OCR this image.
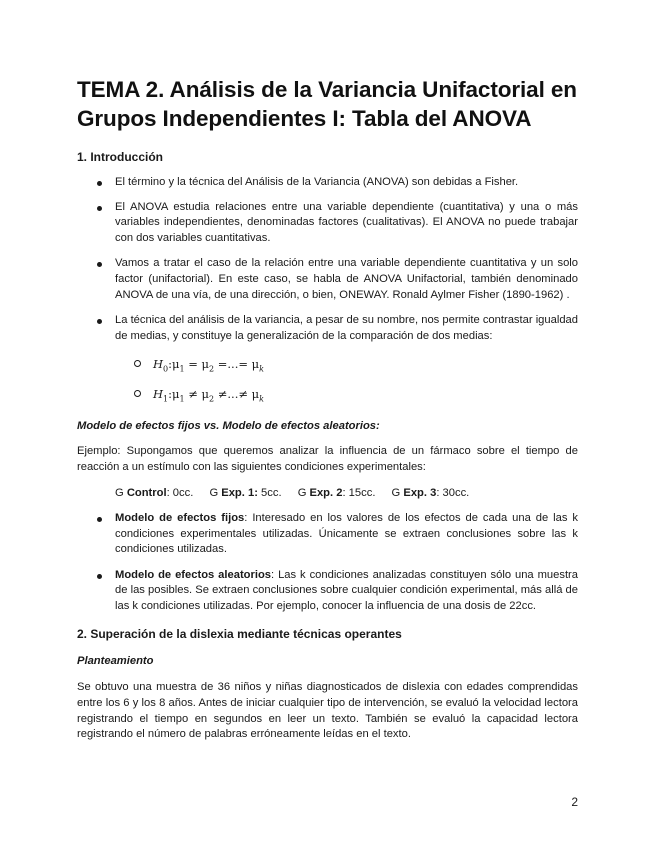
TEMA 2. Análisis de la Variancia Unifactorial en Grupos Independientes I: Tabla del ANOVA
1. Introducción
El término y la técnica del Análisis de la Variancia (ANOVA) son debidas a Fisher.
El ANOVA estudia relaciones entre una variable dependiente (cuantitativa) y una o más variables independientes, denominadas factores (cualitativas). El ANOVA no puede trabajar con dos variables cuantitativas.
Vamos a tratar el caso de la relación entre una variable dependiente cuantitativa y un solo factor (unifactorial). En este caso, se habla de ANOVA Unifactorial, también denominado ANOVA de una vía, de una dirección, o bien, ONEWAY. Ronald Aylmer Fisher (1890-1962) .
La técnica del análisis de la variancia, a pesar de su nombre, nos permite contrastar igualdad de medias, y constituye la generalización de la comparación de dos medias:
$H_0:\mu_1 = \mu_2$ =...= $\mu_k$
$H_1:\mu_1 \ne \mu_2$ ≠...≠ $\mu_k$

Modelo de efectos fijos vs. Modelo de efectos aleatorios:

Ejemplo: Supongamos que queremos analizar la influencia de un fármaco sobre el tiempo de reacción a un estímulo con las siguientes condiciones experimentales:

G Control: 0cc. G Exp. 1: 5cc. G Exp. 2: 15cc. G Exp. 3: 30cc.
Modelo de efectos fijos: Interesado en los valores de los efectos de cada una de las k condiciones experimentales utilizadas. Únicamente se extraen conclusiones sobre las k condiciones utilizadas.
Modelo de efectos aleatorios: Las k condiciones analizadas constituyen sólo una muestra de las posibles. Se extraen conclusiones sobre cualquier condición experimental, más allá de las k condiciones utilizadas. Por ejemplo, conocer la influencia de una dosis de 22cc.
2. Superación de la dislexia mediante técnicas operantes

Planteamiento

Se obtuvo una muestra de 36 niños y niñas diagnosticados de dislexia con edades comprendidas entre los 6 y los 8 años. Antes de iniciar cualquier tipo de intervención, se evaluó la velocidad lectora registrando el tiempo en segundos en leer un texto. También se evaluó la capacidad lectora registrando el número de palabras erróneamente leídas en el texto.

2
